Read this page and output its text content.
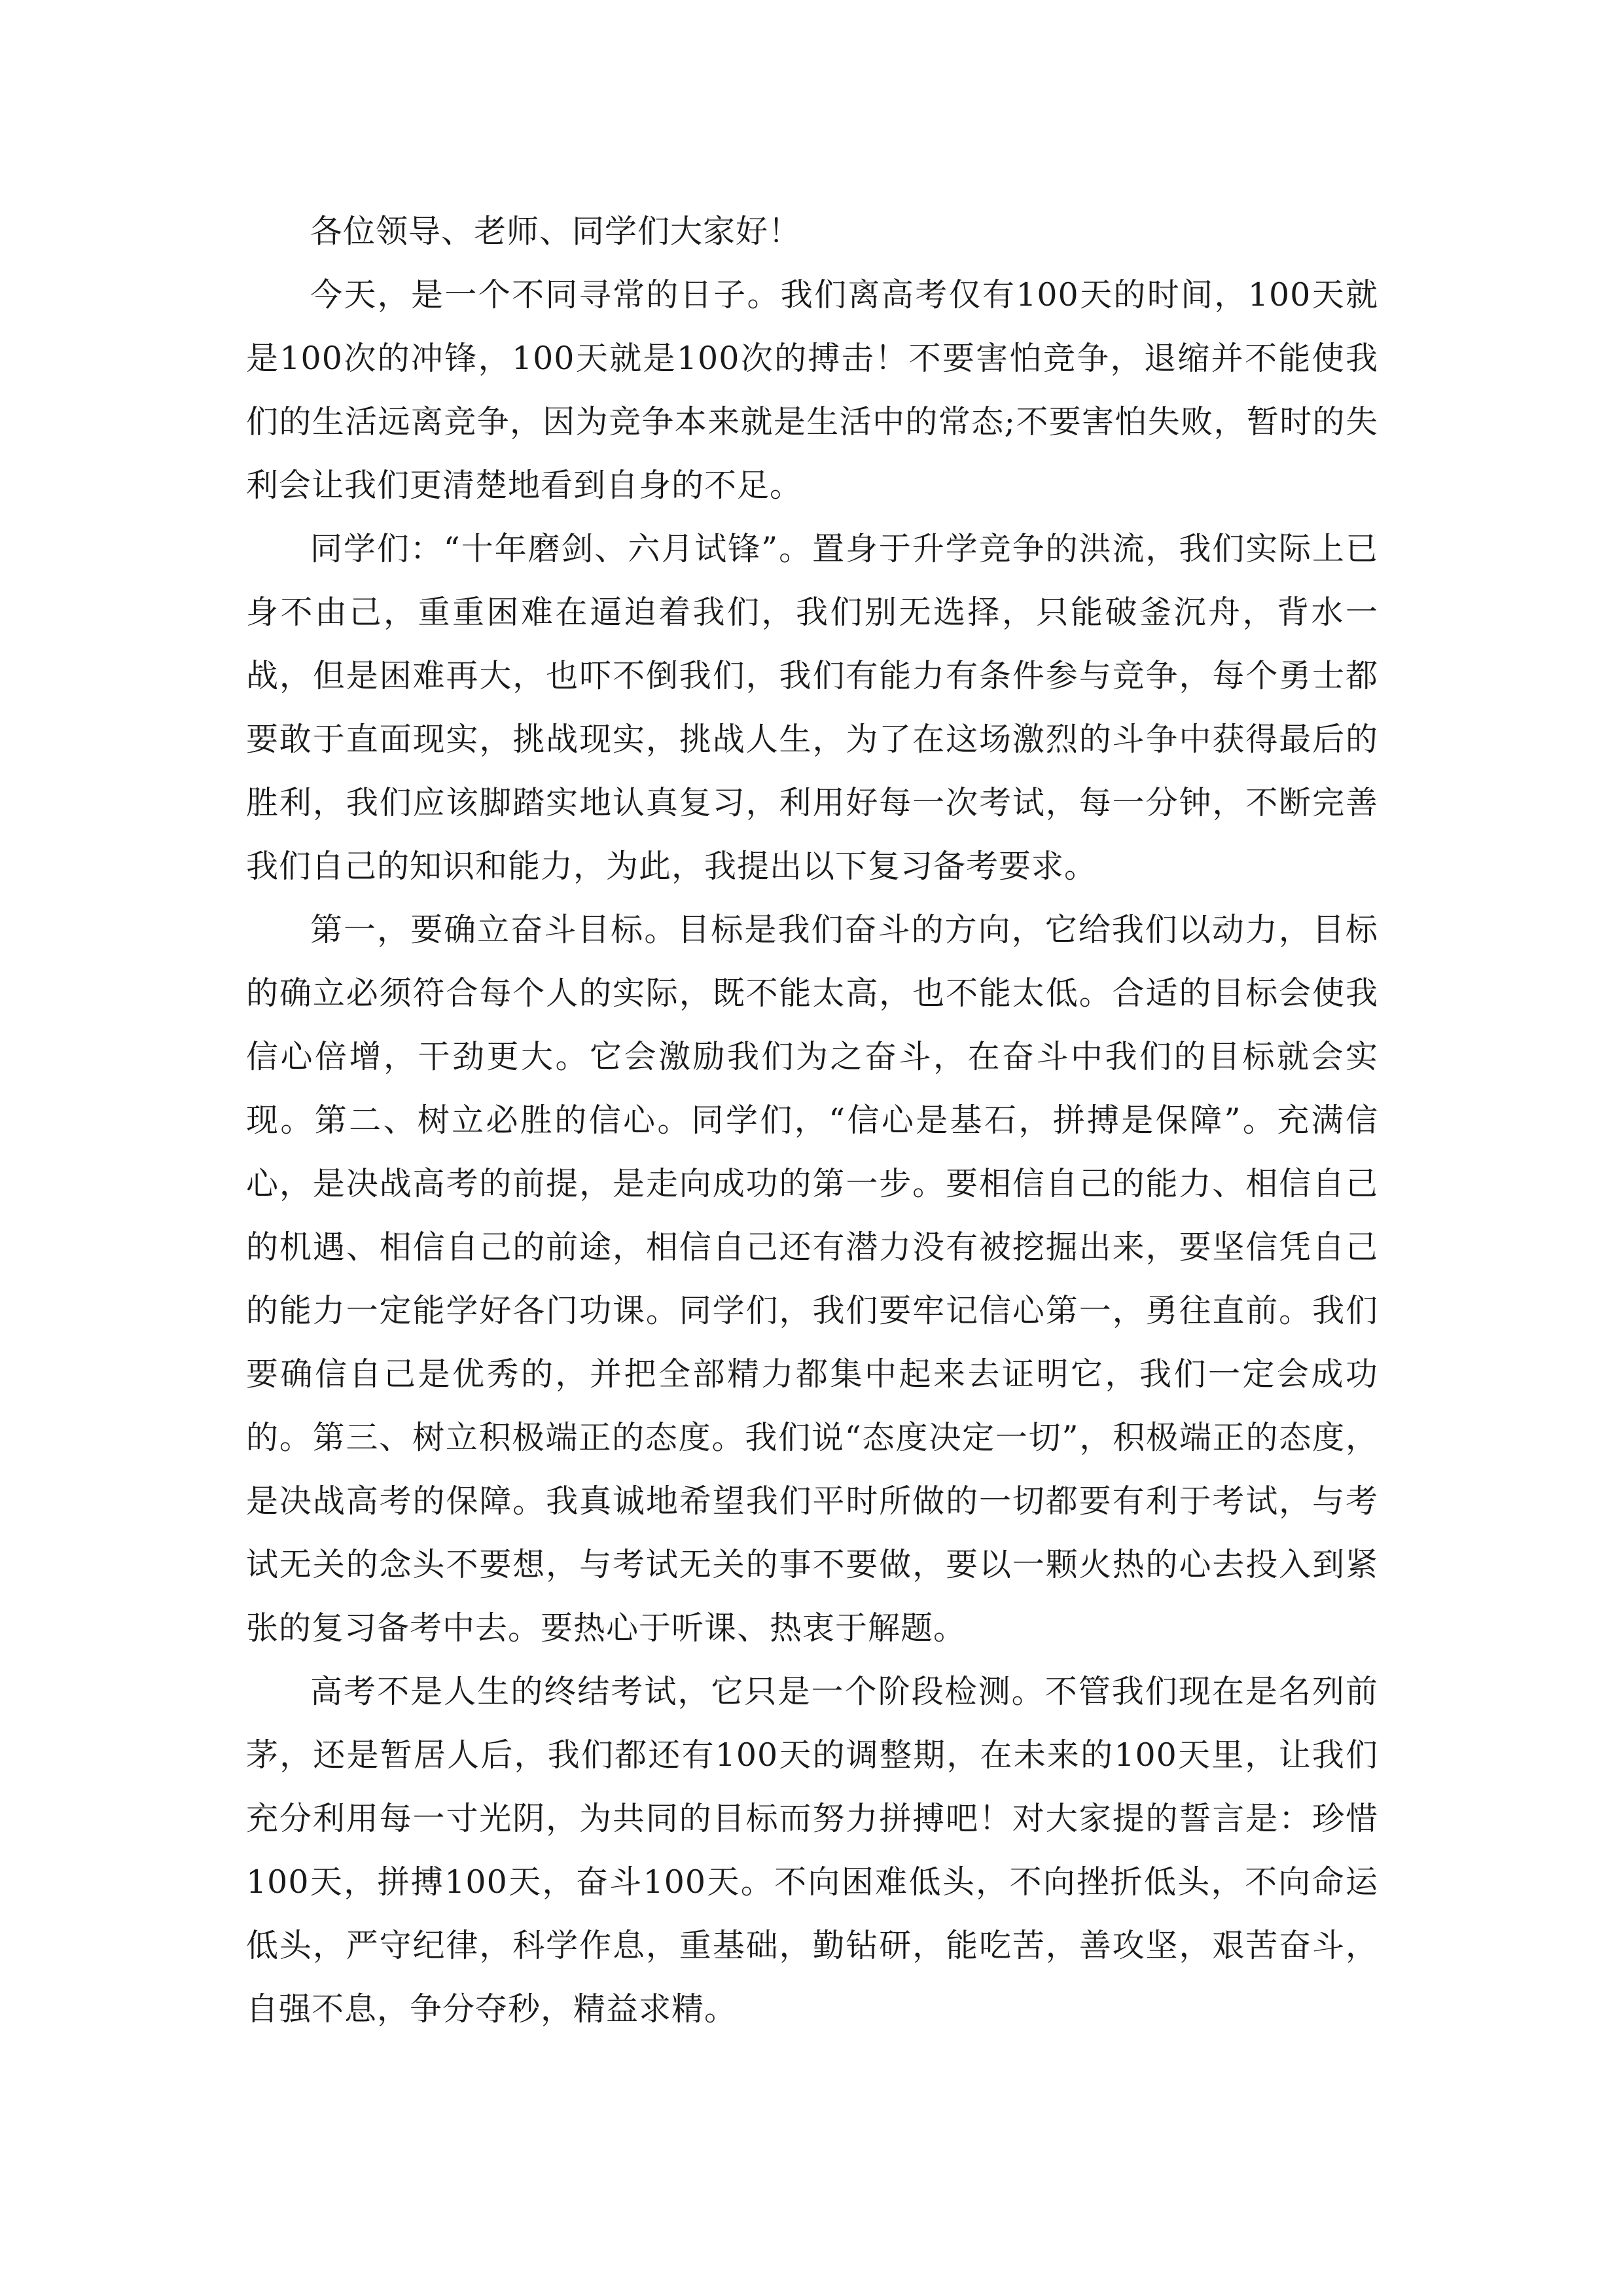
各位领导、老师、同学们大家好！

今天，是一个不同寻常的日子。我们离高考仅有100天的时间，100天就是100次的冲锋，100天就是100次的搏击！不要害怕竞争，退缩并不能使我们的生活远离竞争，因为竞争本来就是生活中的常态;不要害怕失败，暂时的失利会让我们更清楚地看到自身的不足。

同学们：“十年磨剑、六月试锋”。置身于升学竞争的洪流，我们实际上已身不由己，重重困难在逼迫着我们，我们别无选择，只能破釜沉舟，背水一战，但是困难再大，也吓不倒我们，我们有能力有条件参与竞争，每个勇士都要敢于直面现实，挑战现实，挑战人生，为了在这场激烈的斗争中获得最后的胜利，我们应该脚踏实地认真复习，利用好每一次考试，每一分钟，不断完善我们自己的知识和能力，为此，我提出以下复习备考要求。

第一，要确立奋斗目标。目标是我们奋斗的方向，它给我们以动力，目标的确立必须符合每个人的实际，既不能太高，也不能太低。合适的目标会使我信心倍增，干劲更大。它会激励我们为之奋斗，在奋斗中我们的目标就会实现。第二、树立必胜的信心。同学们，“信心是基石，拼搏是保障”。充满信心，是决战高考的前提，是走向成功的第一步。要相信自己的能力、相信自己的机遇、相信自己的前途，相信自己还有潜力没有被挖掘出来，要坚信凭自己的能力一定能学好各门功课。同学们，我们要牢记信心第一，勇往直前。我们要确信自己是优秀的，并把全部精力都集中起来去证明它，我们一定会成功的。第三、树立积极端正的态度。我们说“态度决定一切”，积极端正的态度，是决战高考的保障。我真诚地希望我们平时所做的一切都要有利于考试，与考试无关的念头不要想，与考试无关的事不要做，要以一颗火热的心去投入到紧张的复习备考中去。要热心于听课、热衷于解题。

高考不是人生的终结考试，它只是一个阶段检测。不管我们现在是名列前茅，还是暂居人后，我们都还有100天的调整期，在未来的100天里，让我们充分利用每一寸光阴，为共同的目标而努力拼搏吧！对大家提的誓言是：珍惜100天，拼搏100天，奋斗100天。不向困难低头，不向挫折低头，不向命运低头，严守纪律，科学作息，重基础，勤钻研，能吃苦，善攻坚，艰苦奋斗，自强不息，争分夺秒，精益求精。
